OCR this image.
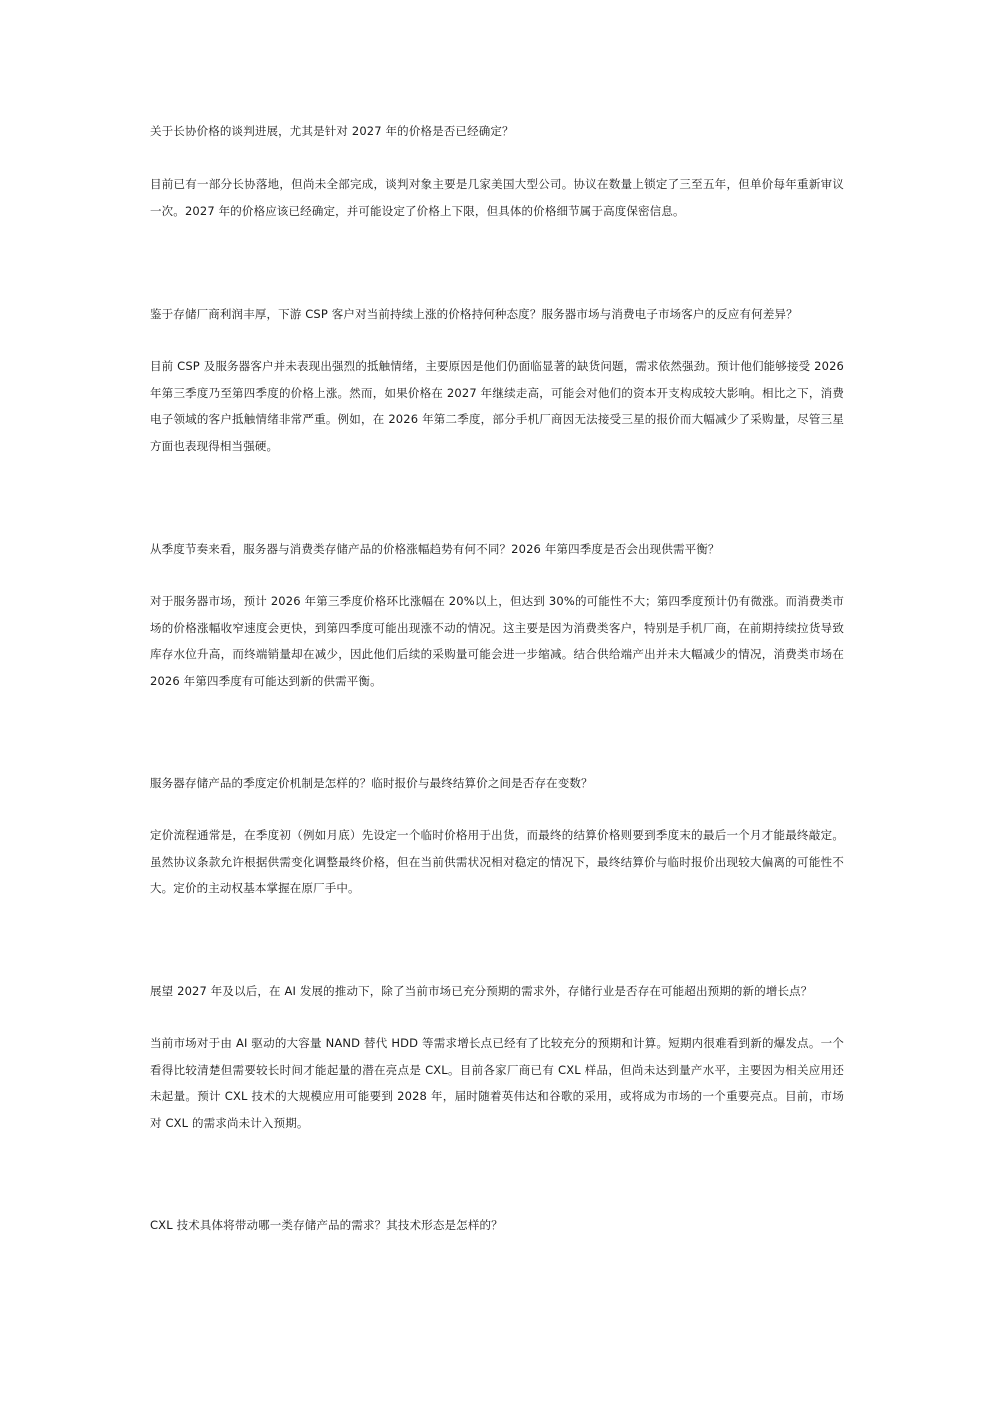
关于长协价格的谈判进展，尤其是针对 2027 年的价格是否已经确定？

目前已有一部分长协落地，但尚未全部完成，谈判对象主要是几家美国大型公司。协议在数量上锁定了三至五年，但单价每年重新审议一次。2027 年的价格应该已经确定，并可能设定了价格上下限，但具体的价格细节属于高度保密信息。

鉴于存储厂商利润丰厚，下游 CSP 客户对当前持续上涨的价格持何种态度？服务器市场与消费电子市场客户的反应有何差异？

目前 CSP 及服务器客户并未表现出强烈的抵触情绪，主要原因是他们仍面临显著的缺货问题，需求依然强劲。预计他们能够接受 2026 年第三季度乃至第四季度的价格上涨。然而，如果价格在 2027 年继续走高，可能会对他们的资本开支构成较大影响。相比之下，消费电子领域的客户抵触情绪非常严重。例如，在 2026 年第二季度，部分手机厂商因无法接受三星的报价而大幅减少了采购量，尽管三星方面也表现得相当强硬。

从季度节奏来看，服务器与消费类存储产品的价格涨幅趋势有何不同？2026 年第四季度是否会出现供需平衡？

对于服务器市场，预计 2026 年第三季度价格环比涨幅在 20%以上，但达到 30%的可能性不大；第四季度预计仍有微涨。而消费类市场的价格涨幅收窄速度会更快，到第四季度可能出现涨不动的情况。这主要是因为消费类客户，特别是手机厂商，在前期持续拉货导致库存水位升高，而终端销量却在减少，因此他们后续的采购量可能会进一步缩减。结合供给端产出并未大幅减少的情况，消费类市场在 2026 年第四季度有可能达到新的供需平衡。

服务器存储产品的季度定价机制是怎样的？临时报价与最终结算价之间是否存在变数？

定价流程通常是，在季度初（例如月底）先设定一个临时价格用于出货，而最终的结算价格则要到季度末的最后一个月才能最终敲定。虽然协议条款允许根据供需变化调整最终价格，但在当前供需状况相对稳定的情况下，最终结算价与临时报价出现较大偏离的可能性不大。定价的主动权基本掌握在原厂手中。

展望 2027 年及以后，在 AI 发展的推动下，除了当前市场已充分预期的需求外，存储行业是否存在可能超出预期的新的增长点？

当前市场对于由 AI 驱动的大容量 NAND 替代 HDD 等需求增长点已经有了比较充分的预期和计算。短期内很难看到新的爆发点。一个看得比较清楚但需要较长时间才能起量的潜在亮点是 CXL。目前各家厂商已有 CXL 样品，但尚未达到量产水平，主要因为相关应用还未起量。预计 CXL 技术的大规模应用可能要到 2028 年，届时随着英伟达和谷歌的采用，或将成为市场的一个重要亮点。目前，市场对 CXL 的需求尚未计入预期。

CXL 技术具体将带动哪一类存储产品的需求？其技术形态是怎样的？
